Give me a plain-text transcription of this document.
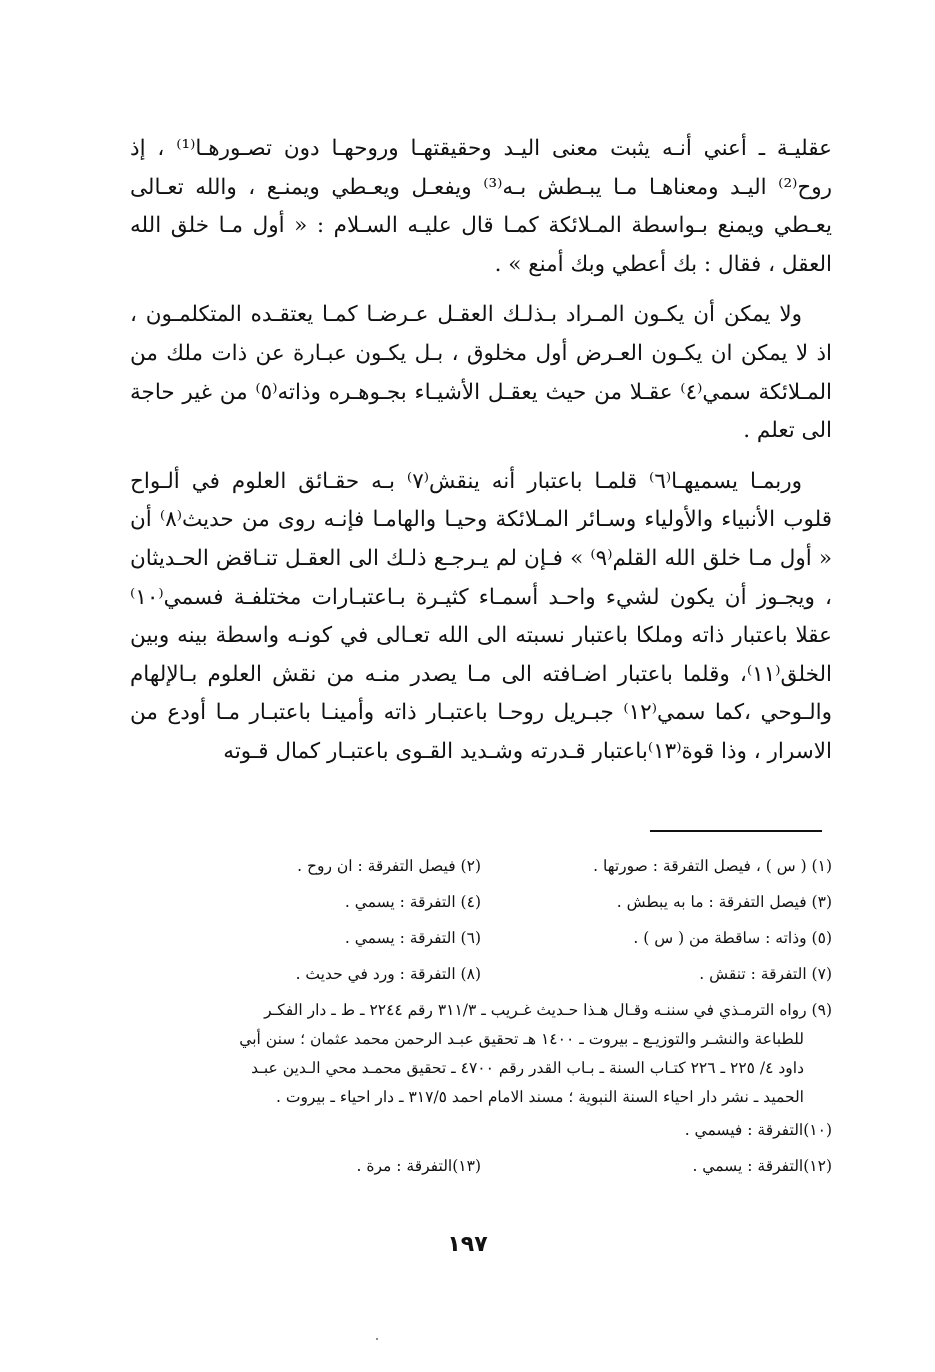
عقليـة ـ أعني أنـه يثبت معنى اليـد وحقيقتهـا وروحهـا دون تصـورهـا⁽¹⁾ ، إذ روح⁽²⁾ اليـد ومعناهـا مـا يبـطش بـه⁽³⁾ ويفعـل ويعـطي ويمنـع ، والله تعـالى يعـطي ويمنع بـواسطة المـلائكة كمـا قال عليـه السـلام : « أول مـا خلق الله العقل ، فقال : بك أعطي وبك أمنع » .

ولا يمكن أن يكـون المـراد بـذلـك العقـل عـرضـا كمـا يعتقـده المتكلمـون ، اذ لا يمكن ان يكـون العـرض أول مخلوق ، بـل يكـون عبـارة عن ذات ملك من المـلائكة سمي⁽٤⁾ عقـلا من حيث يعقـل الأشيـاء بجـوهـره وذاته⁽٥⁾ من غير حاجة الى تعلم .

وربمـا يسميهـا⁽٦⁾ قلمـا باعتبار أنه ينقش⁽٧⁾ بـه حقـائق العلوم في ألـواح قلوب الأنبياء والأولياء وسـائر المـلائكة وحيـا والهامـا فإنـه روى من حديث⁽٨⁾ أن « أول مـا خلق الله القلم⁽٩⁾ » فـإن لم يـرجـع ذلـك الى العقـل تنـاقض الحـديثان ، ويجـوز أن يكون لشيء واحـد أسمـاء كثيـرة بـاعتبـارات مختلفـة فسمي⁽١٠⁾عقلا باعتبار ذاته وملكا باعتبار نسبته الى الله تعـالى في كونـه واسطة بينه وبين الخلق⁽١١⁾، وقلما باعتبار اضـافته الى مـا يصدر منـه من نقش العلوم بـالإلهام والـوحي ،كما سمي⁽١٢⁾ جبـريل روحـا باعتبـار ذاته وأمينـا باعتبـار مـا أودع من الاسرار ، وذا قوة⁽١٣⁾باعتبار قـدرته وشـديد القـوى باعتبـار كمال قـوته

(١) ( س ) ، فيصل التفرقة : صورتها .
(٢) فيصل التفرقة : ان روح .
(٣) فيصل التفرقة : ما به يبطش .
(٤) التفرقة : يسمي .
(٥) وذاته : ساقطة من ( س ) .
(٦) التفرقة : يسمي .
(٧) التفرقة : تنقش .
(٨) التفرقة : ورد في حديث .
(٩) رواه الترمـذي في سننـه وقـال هـذا حـديث غـريب ـ ٣١١/٣ رقم ٢٢٤٤ ـ ط ـ دار الفكـر
للطباعة والنشـر والتوزيـع ـ بيروت ـ ١٤٠٠ هـ تحقيق عبـد الرحمن محمد عثمان ؛ سنن أبي
داود ٤/ ٢٢٥ ـ ٢٢٦ كتـاب السنة ـ بـاب القدر رقم ٤٧٠٠ ـ تحقيق محمـد محي الـدين عبـد
الحميد ـ نشر دار احياء السنة النبوية ؛ مسند الامام احمد ٣١٧/٥ ـ دار احياء ـ بيروت .
(١٠)التفرقة : فيسمي .
(١٢)التفرقة : يسمي .
(١٣)التفرقة : مرة .
١٩٧
